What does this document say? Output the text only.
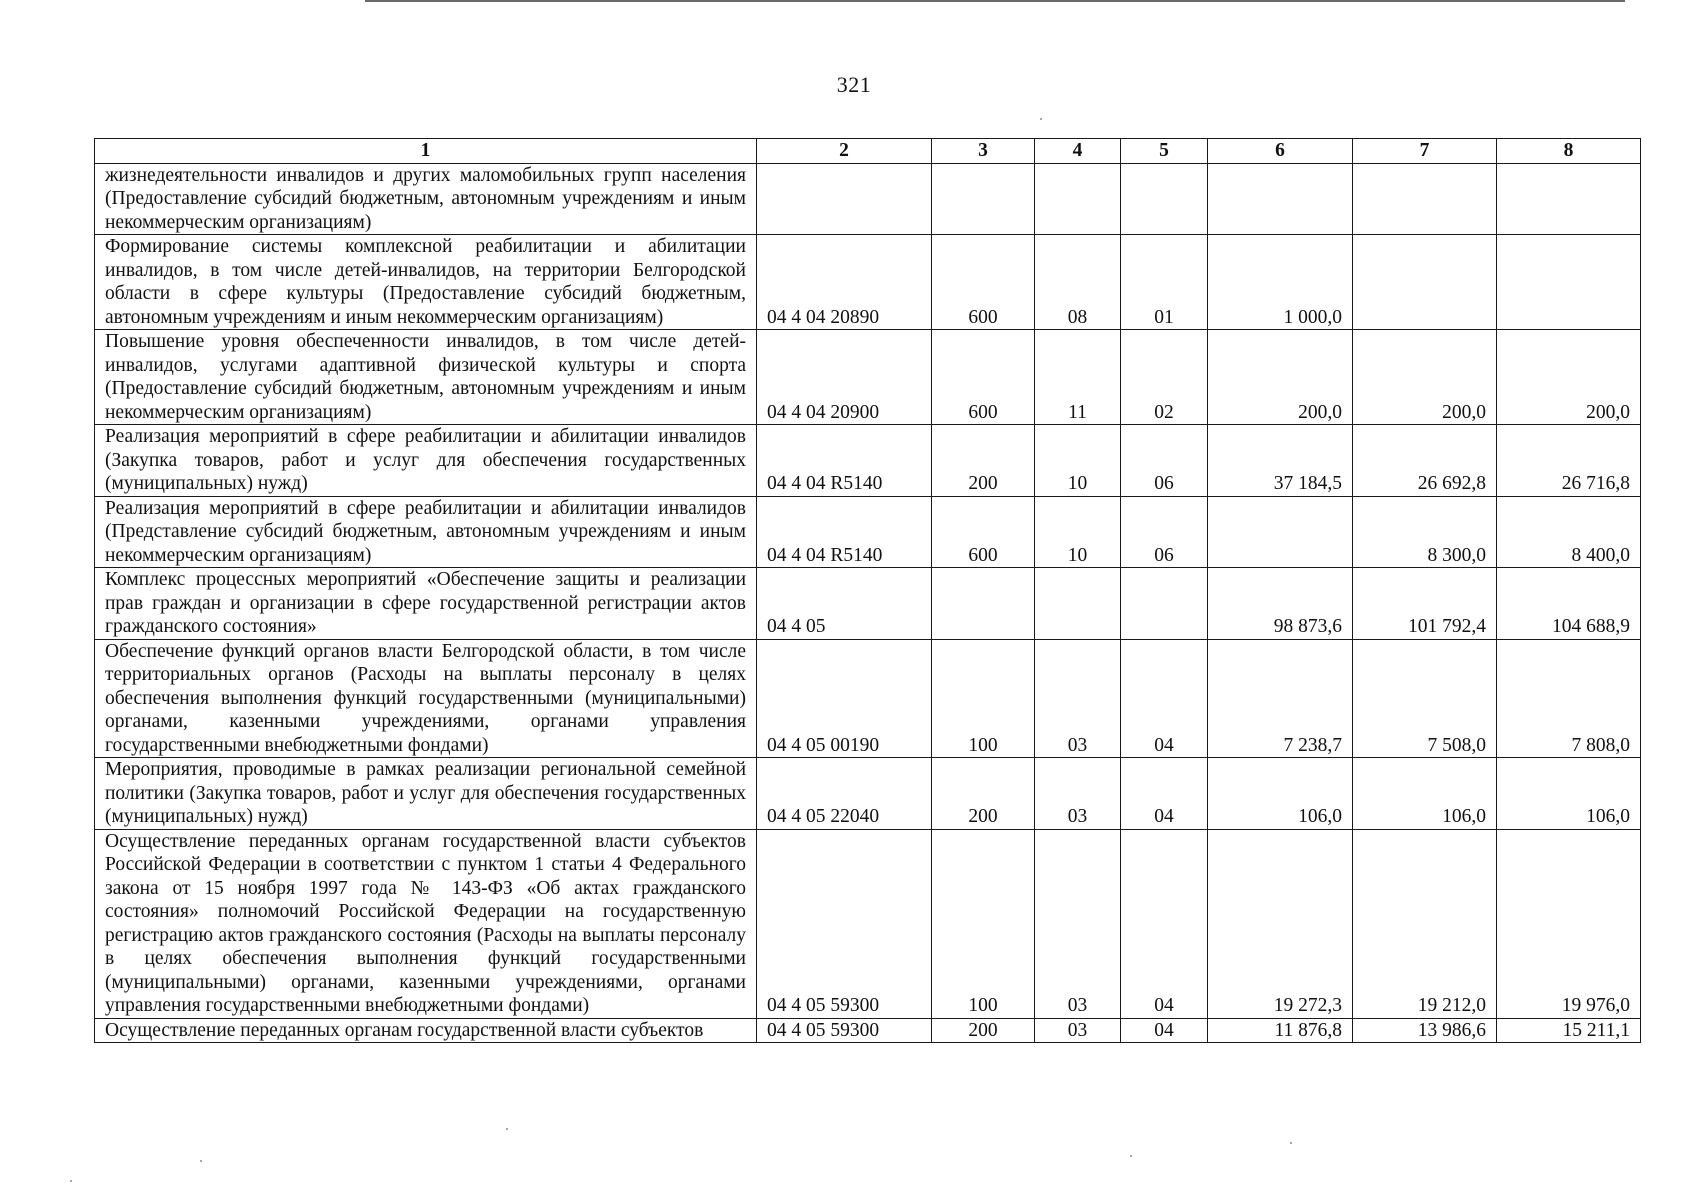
321
1	2	3	4	5	6	7	8
жизнедеятельности инвалидов и других маломобильных групп населения (Предоставление субсидий бюджетным, автономным учреждениям и иным некоммерческим организациям)							
Формирование системы комплексной реабилитации и абилитации инвалидов, в том числе детей-инвалидов, на территории Белгородской области в сфере культуры (Предоставление субсидий бюджетным, автономным учреждениям и иным некоммерческим организациям)	04 4 04 20890	600	08	01	1 000,0		
Повышение уровня обеспеченности инвалидов, в том числе детей-инвалидов, услугами адаптивной физической культуры и спорта (Предоставление субсидий бюджетным, автономным учреждениям и иным некоммерческим организациям)	04 4 04 20900	600	11	02	200,0	200,0	200,0
Реализация мероприятий в сфере реабилитации и абилитации инвалидов (Закупка товаров, работ и услуг для обеспечения государственных (муниципальных) нужд)	04 4 04 R5140	200	10	06	37 184,5	26 692,8	26 716,8
Реализация мероприятий в сфере реабилитации и абилитации инвалидов (Представление субсидий бюджетным, автономным учреждениям и иным некоммерческим организациям)	04 4 04 R5140	600	10	06		8 300,0	8 400,0
Комплекс процессных мероприятий «Обеспечение защиты и реализации прав граждан и организации в сфере государственной регистрации актов гражданского состояния»	04 4 05				98 873,6	101 792,4	104 688,9
Обеспечение функций органов власти Белгородской области, в том числе территориальных органов (Расходы на выплаты персоналу в целях обеспечения выполнения функций государственными (муниципальными) органами, казенными учреждениями, органами управления государственными внебюджетными фондами)	04 4 05 00190	100	03	04	7 238,7	7 508,0	7 808,0
Мероприятия, проводимые в рамках реализации региональной семейной политики (Закупка товаров, работ и услуг для обеспечения государственных (муниципальных) нужд)	04 4 05 22040	200	03	04	106,0	106,0	106,0
Осуществление переданных органам государственной власти субъектов Российской Федерации в соответствии с пунктом 1 статьи 4 Федерального закона от 15 ноября 1997 года № 143-ФЗ «Об актах гражданского состояния» полномочий Российской Федерации на государственную регистрацию актов гражданского состояния (Расходы на выплаты персоналу в целях обеспечения выполнения функций государственными (муниципальными) органами, казенными учреждениями, органами управления государственными внебюджетными фондами)	04 4 05 59300	100	03	04	19 272,3	19 212,0	19 976,0
Осуществление переданных органам государственной власти субъектов	04 4 05 59300	200	03	04	11 876,8	13 986,6	15 211,1
